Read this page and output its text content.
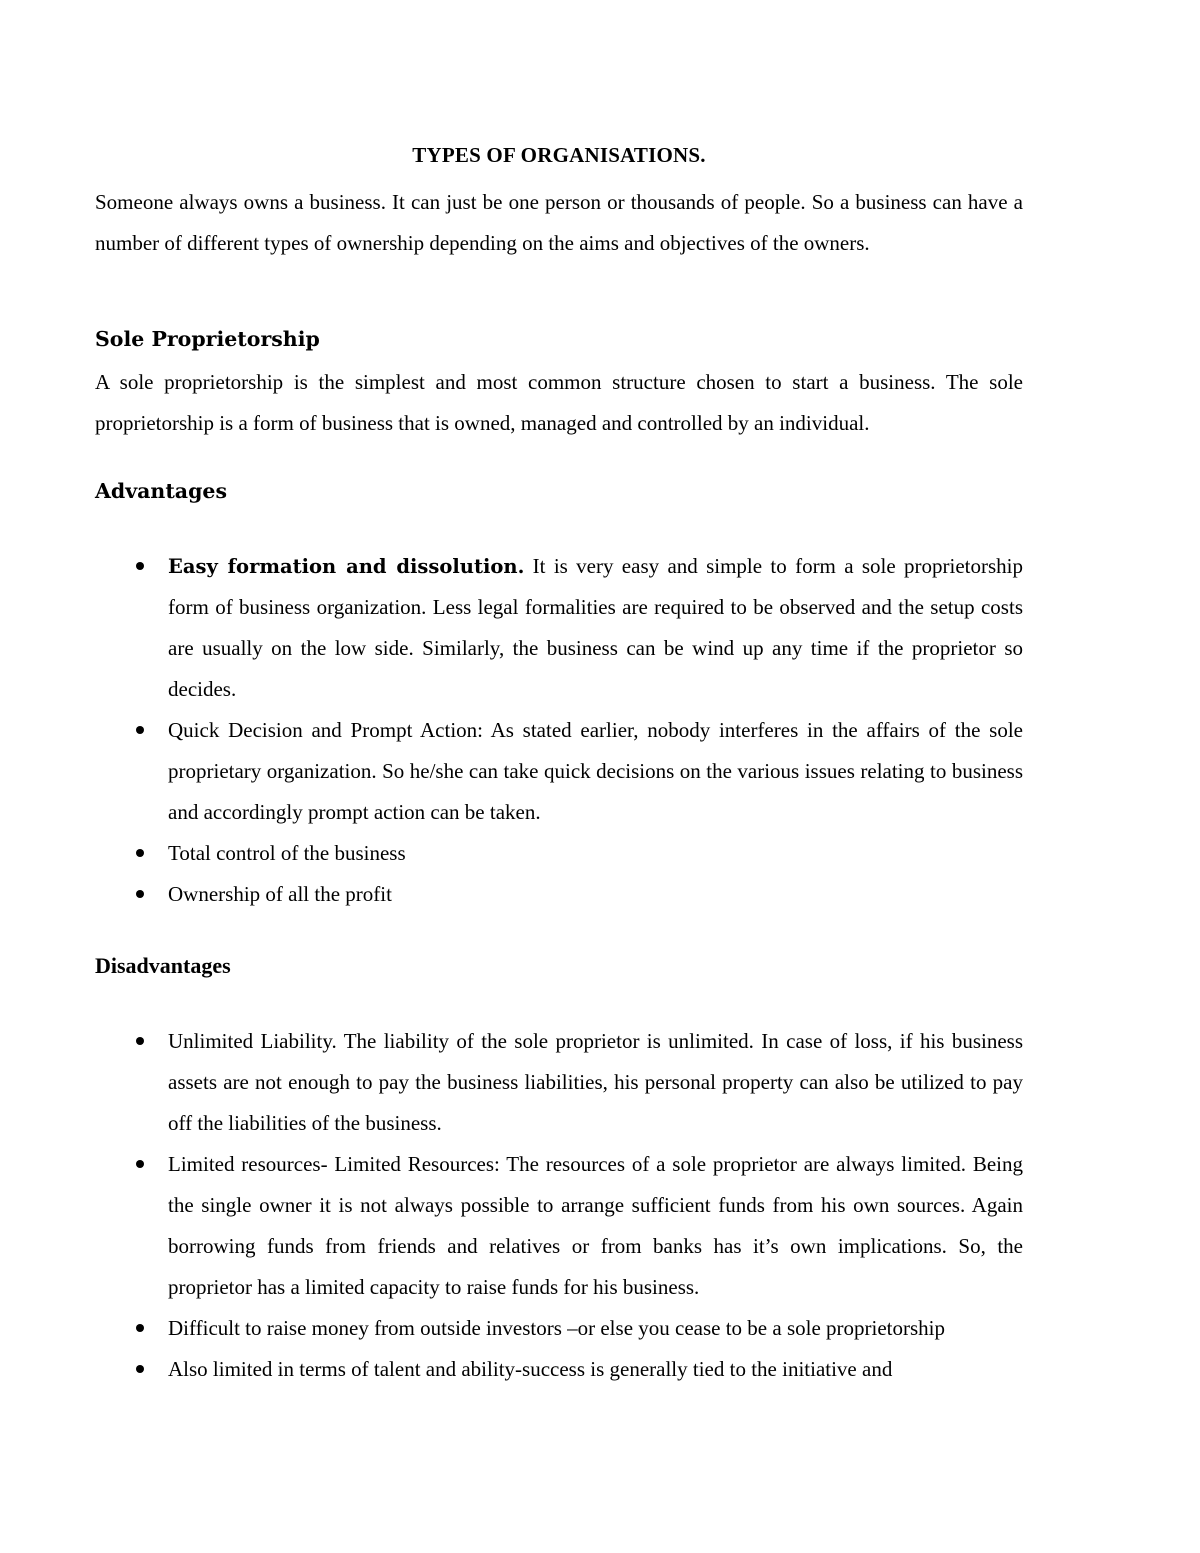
TYPES OF ORGANISATIONS.

Someone always owns a business. It can just be one person or thousands of people. So a business can have a number of different types of ownership depending on the aims and objectives of the owners.

Sole Proprietorship

A sole proprietorship is the simplest and most common structure chosen to start a business. The sole proprietorship is a form of business that is owned, managed and controlled by an individual.

Advantages
Easy formation and dissolution. It is very easy and simple to form a sole proprietorship form of business organization. Less legal formalities are required to be observed and the setup costs are usually on the low side. Similarly, the business can be wind up any time if the proprietor so decides.
Quick Decision and Prompt Action: As stated earlier, nobody interferes in the affairs of the sole proprietary organization. So he/she can take quick decisions on the various issues relating to business and accordingly prompt action can be taken.
Total control of the business
Ownership of all the profit
Disadvantages
Unlimited Liability. The liability of the sole proprietor is unlimited. In case of loss, if his business assets are not enough to pay the business liabilities, his personal property can also be utilized to pay off the liabilities of the business.
Limited resources- Limited Resources: The resources of a sole proprietor are always limited. Being the single owner it is not always possible to arrange sufficient funds from his own sources. Again borrowing funds from friends and relatives or from banks has it’s own implications. So, the proprietor has a limited capacity to raise funds for his business.
Difficult to raise money from outside investors –or else you cease to be a sole proprietorship
Also limited in terms of talent and ability-success is generally tied to the initiative and
